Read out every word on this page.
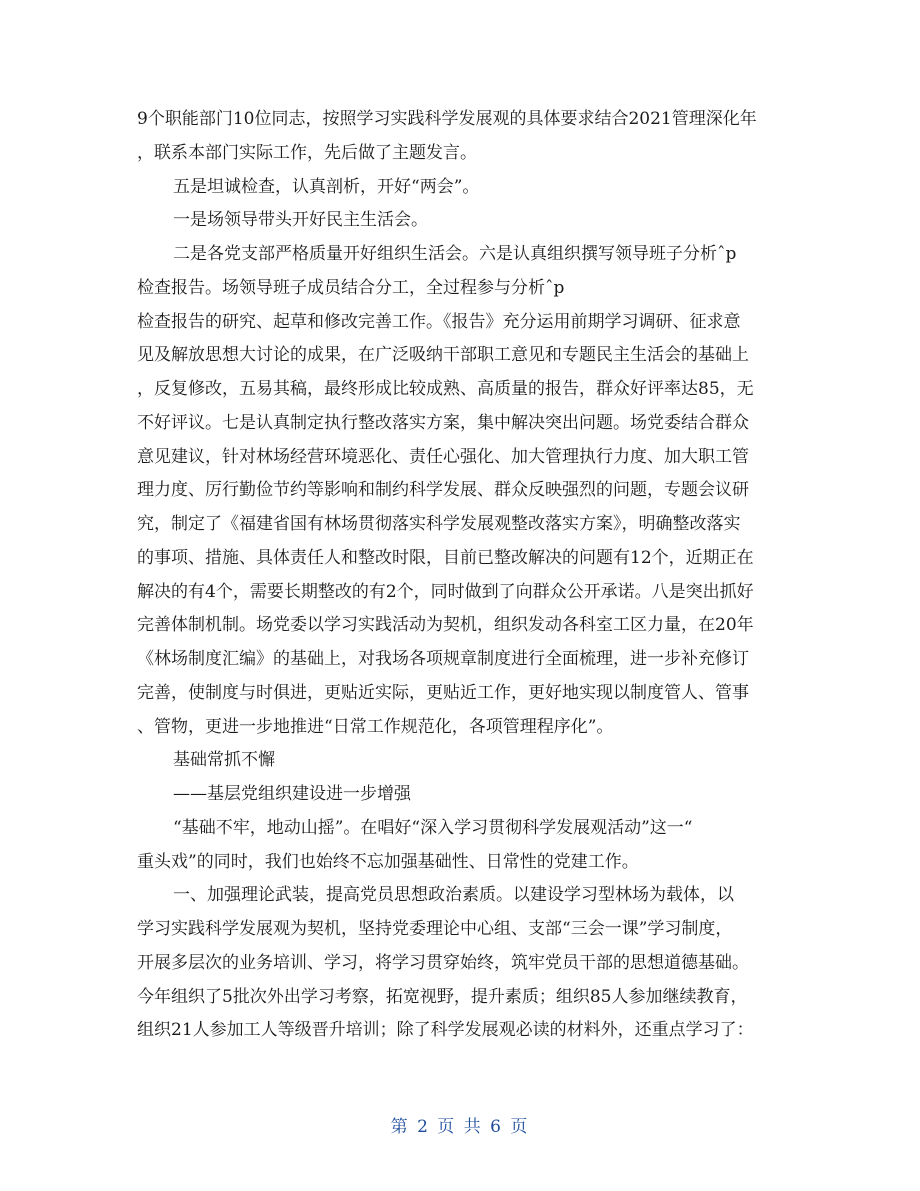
9个职能部门10位同志，按照学习实践科学发展观的具体要求结合2021管理深化年
，联系本部门实际工作，先后做了主题发言。
五是坦诚检查，认真剖析，开好“两会”。
一是场领导带头开好民主生活会。
二是各党支部严格质量开好组织生活会。六是认真组织撰写领导班子分析ˆp
检查报告。场领导班子成员结合分工，全过程参与分析ˆp
检查报告的研究、起草和修改完善工作。《报告》充分运用前期学习调研、征求意
见及解放思想大讨论的成果，在广泛吸纳干部职工意见和专题民主生活会的基础上
，反复修改，五易其稿，最终形成比较成熟、高质量的报告，群众好评率达85，无
不好评议。七是认真制定执行整改落实方案，集中解决突出问题。场党委结合群众
意见建议，针对林场经营环境恶化、责任心强化、加大管理执行力度、加大职工管
理力度、厉行勤俭节约等影响和制约科学发展、群众反映强烈的问题，专题会议研
究，制定了《福建省国有林场贯彻落实科学发展观整改落实方案》，明确整改落实
的事项、措施、具体责任人和整改时限，目前已整改解决的问题有12个，近期正在
解决的有4个，需要长期整改的有2个，同时做到了向群众公开承诺。八是突出抓好
完善体制机制。场党委以学习实践活动为契机，组织发动各科室工区力量，在20年
《林场制度汇编》的基础上，对我场各项规章制度进行全面梳理，进一步补充修订
完善，使制度与时俱进，更贴近实际，更贴近工作，更好地实现以制度管人、管事
、管物，更进一步地推进“日常工作规范化，各项管理程序化”。
基础常抓不懈
——基层党组织建设进一步增强
“基础不牢，地动山摇”。在唱好“深入学习贯彻科学发展观活动”这一“
重头戏”的同时，我们也始终不忘加强基础性、日常性的党建工作。
一、加强理论武装，提高党员思想政治素质。以建设学习型林场为载体，以
学习实践科学发展观为契机，坚持党委理论中心组、支部“三会一课”学习制度，
开展多层次的业务培训、学习，将学习贯穿始终，筑牢党员干部的思想道德基础。
今年组织了5批次外出学习考察，拓宽视野，提升素质；组织85人参加继续教育，
组织21人参加工人等级晋升培训；除了科学发展观必读的材料外，还重点学习了：
第 2 页 共 6 页
